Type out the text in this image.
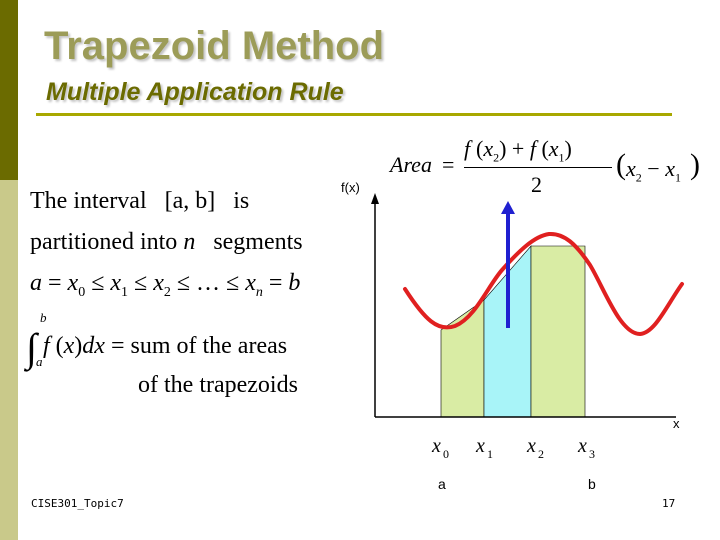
Trapezoid Method
Multiple Application Rule
The interval   [a, b]   is
partitioned into n   segments
$a = x_0 \le x_1 \le x_2$ ≤ … ≤ $x_n = b$
∫
b
a
f (x)dx = sum of the areas
of the trapezoids
Area =
f $(x_2) + f$ $(x_1)$
2
( $x_2 - x_1$ )
x 0 x 1 x 2 x 3
f(x)
x
a	b
CISE301_Topic7	17
